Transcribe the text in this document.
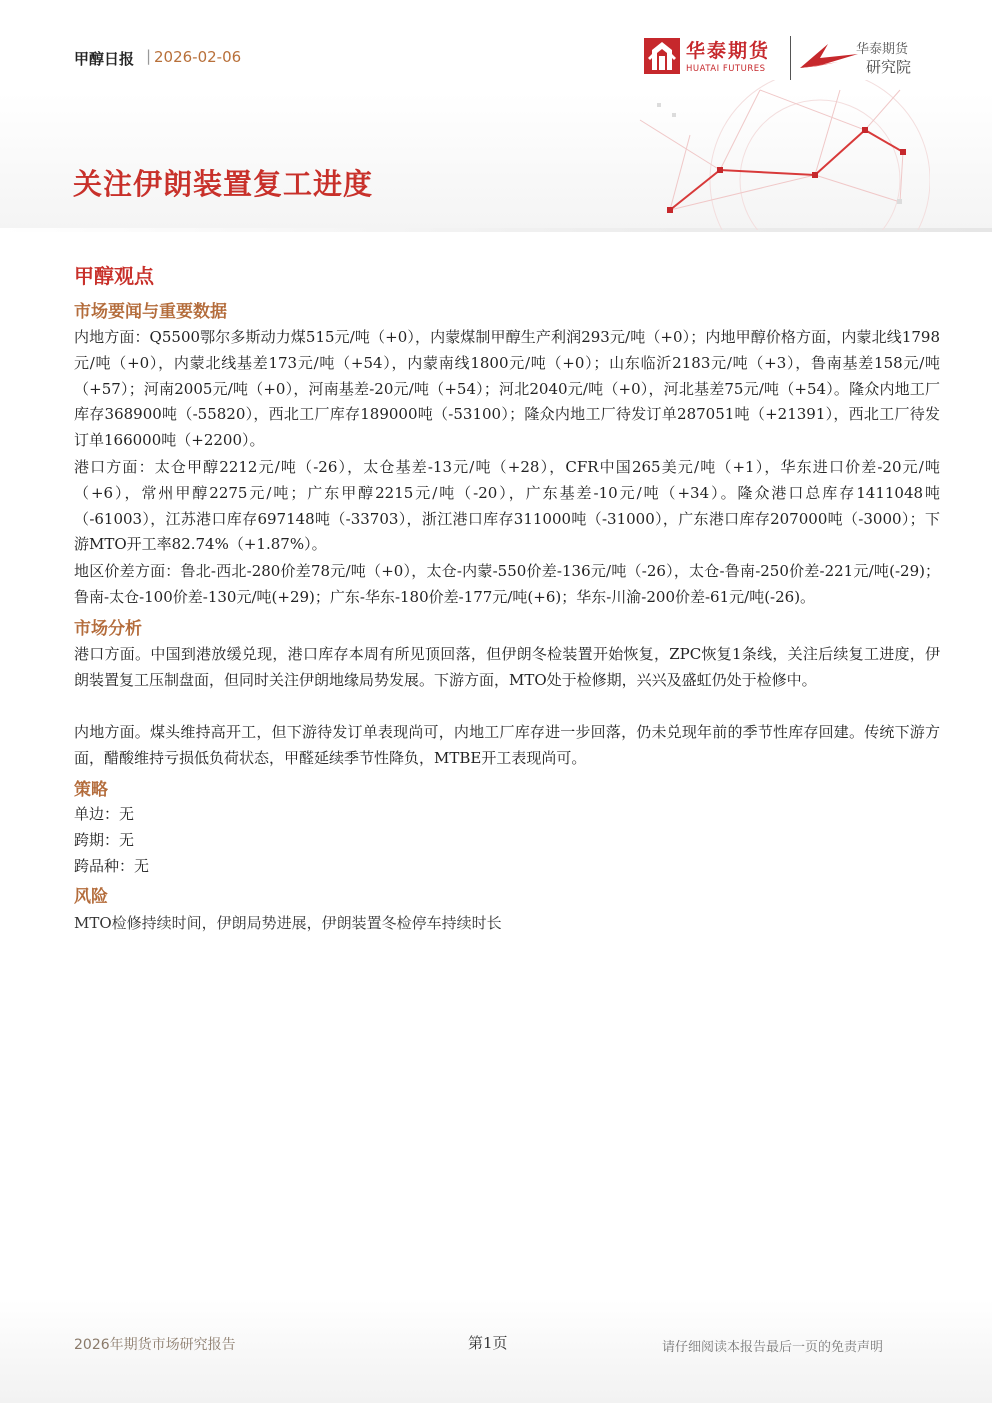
甲醇日报 | 2026-02-06	华泰期货
HUATAI FUTURES
华泰期货
研究院
关注伊朗装置复工进度
甲醇观点
市场要闻与重要数据
内地方面：Q5500鄂尔多斯动力煤515元/吨（+0），内蒙煤制甲醇生产利润293元/吨（+0）；内地甲醇价格方面，内蒙北线1798元/吨（+0），内蒙北线基差173元/吨（+54），内蒙南线1800元/吨（+0）；山东临沂2183元/吨（+3），鲁南基差158元/吨（+57）；河南2005元/吨（+0），河南基差-20元/吨（+54）；河北2040元/吨（+0），河北基差75元/吨（+54）。隆众内地工厂库存368900吨（-55820），西北工厂库存189000吨（-53100）；隆众内地工厂待发订单287051吨（+21391），西北工厂待发订单166000吨（+2200）。
港口方面：太仓甲醇2212元/吨（-26），太仓基差-13元/吨（+28），CFR中国265美元/吨（+1），华东进口价差-20元/吨（+6），常州甲醇2275元/吨；广东甲醇2215元/吨（-20），广东基差-10元/吨（+34）。隆众港口总库存1411048吨（-61003），江苏港口库存697148吨（-33703），浙江港口库存311000吨（-31000），广东港口库存207000吨（-3000）；下游MTO开工率82.74%（+1.87%）。
地区价差方面：鲁北-西北-280价差78元/吨（+0），太仓-内蒙-550价差-136元/吨（-26），太仓-鲁南-250价差-221元/吨(-29)；鲁南-太仓-100价差-130元/吨(+29)；广东-华东-180价差-177元/吨(+6)；华东-川渝-200价差-61元/吨(-26)。
市场分析
港口方面。中国到港放缓兑现，港口库存本周有所见顶回落，但伊朗冬检装置开始恢复，ZPC恢复1条线，关注后续复工进度，伊朗装置复工压制盘面，但同时关注伊朗地缘局势发展。下游方面，MTO处于检修期，兴兴及盛虹仍处于检修中。
内地方面。煤头维持高开工，但下游待发订单表现尚可，内地工厂库存进一步回落，仍未兑现年前的季节性库存回建。传统下游方面，醋酸维持亏损低负荷状态，甲醛延续季节性降负，MTBE开工表现尚可。
策略
单边：无
跨期：无
跨品种：无
风险
MTO检修持续时间，伊朗局势进展，伊朗装置冬检停车持续时长
2026年期货市场研究报告	第1页	请仔细阅读本报告最后一页的免责声明
